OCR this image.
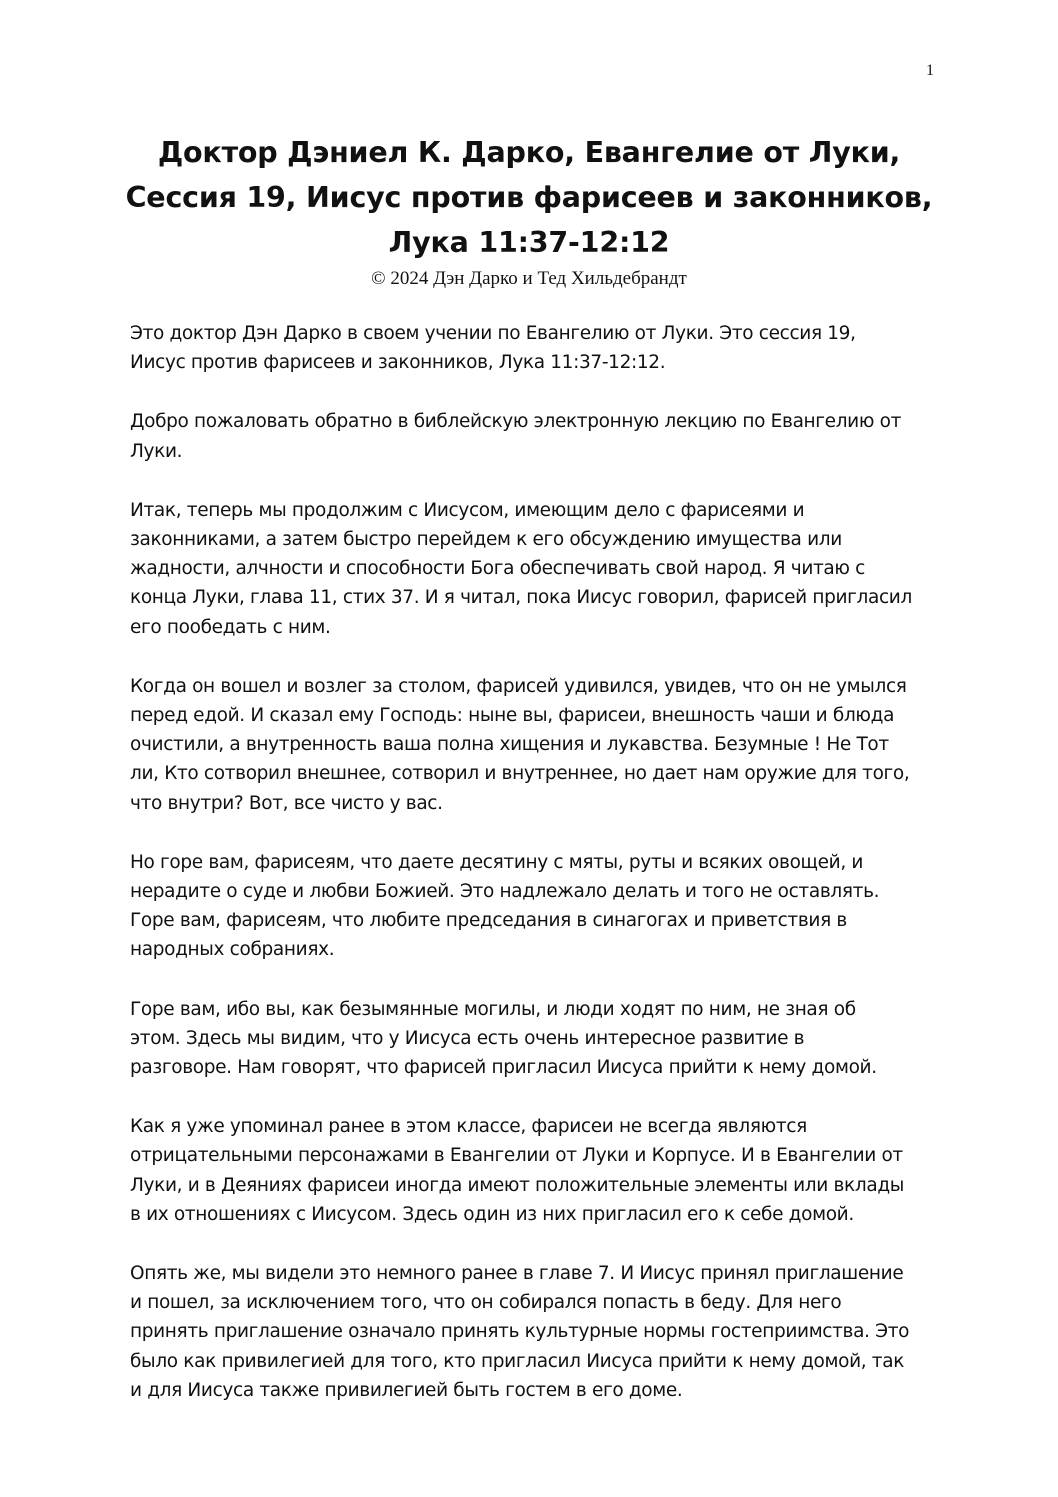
1
Доктор Дэниел К. Дарко, Евангелие от Луки,
Сессия 19, Иисус против фарисеев и законников,
Лука 11:37-12:12
© 2024 Дэн Дарко и Тед Хильдебрандт
Это доктор Дэн Дарко в своем учении по Евангелию от Луки. Это сессия 19,
Иисус против фарисеев и законников, Лука 11:37-12:12.
Добро пожаловать обратно в библейскую электронную лекцию по Евангелию от
Луки.
Итак, теперь мы продолжим с Иисусом, имеющим дело с фарисеями и
законниками, а затем быстро перейдем к его обсуждению имущества или
жадности, алчности и способности Бога обеспечивать свой народ. Я читаю с
конца Луки, глава 11, стих 37. И я читал, пока Иисус говорил, фарисей пригласил
его пообедать с ним.
Когда он вошел и возлег за столом, фарисей удивился, увидев, что он не умылся
перед едой. И сказал ему Господь: ныне вы, фарисеи, внешность чаши и блюда
очистили, а внутренность ваша полна хищения и лукавства. Безумные ! Не Тот
ли, Кто сотворил внешнее, сотворил и внутреннее, но дает нам оружие для того,
что внутри? Вот, все чисто у вас.
Но горе вам, фарисеям, что даете десятину с мяты, руты и всяких овощей, и
нерадите о суде и любви Божией. Это надлежало делать и того не оставлять.
Горе вам, фарисеям, что любите председания в синагогах и приветствия в
народных собраниях.
Горе вам, ибо вы, как безымянные могилы, и люди ходят по ним, не зная об
этом. Здесь мы видим, что у Иисуса есть очень интересное развитие в
разговоре. Нам говорят, что фарисей пригласил Иисуса прийти к нему домой.
Как я уже упоминал ранее в этом классе, фарисеи не всегда являются
отрицательными персонажами в Евангелии от Луки и Корпусе. И в Евангелии от
Луки, и в Деяниях фарисеи иногда имеют положительные элементы или вклады
в их отношениях с Иисусом. Здесь один из них пригласил его к себе домой.
Опять же, мы видели это немного ранее в главе 7. И Иисус принял приглашение
и пошел, за исключением того, что он собирался попасть в беду. Для него
принять приглашение означало принять культурные нормы гостеприимства. Это
было как привилегией для того, кто пригласил Иисуса прийти к нему домой, так
и для Иисуса также привилегией быть гостем в его доме.
